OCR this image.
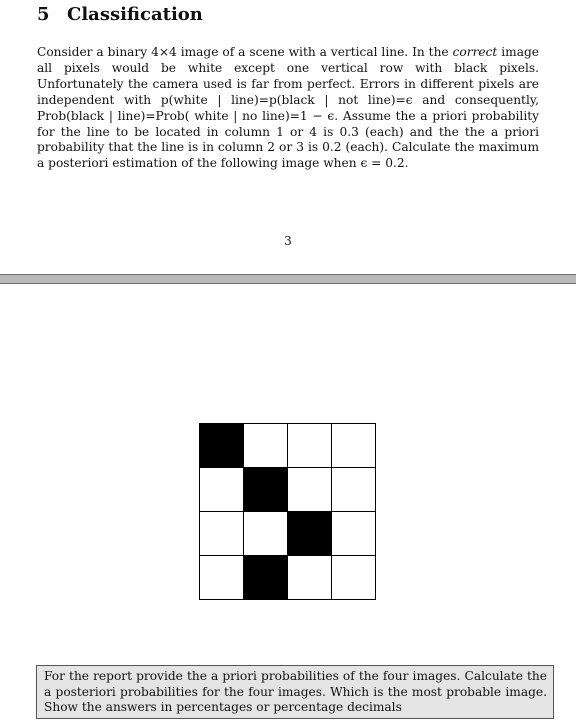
5 Classification
Consider a binary 4×4 image of a scene with a vertical line. In the correct image all pixels would be white except one vertical row with black pixels. Unfortunately the camera used is far from perfect. Errors in different pixels are independent with p(white | line)=p(black | not line)=ϵ and consequently, Prob(black | line)=Prob( white | no line)=1 − ϵ. Assume the a priori probability for the line to be located in column 1 or 4 is 0.3 (each) and the the a priori probability that the line is in column 2 or 3 is 0.2 (each). Calculate the maximum a posteriori estimation of the following image when ϵ = 0.2.
3
For the report provide the a priori probabilities of the four images. Calculate the a posteriori probabilities for the four images. Which is the most probable image. Show the answers in percentages or percentage decimals
